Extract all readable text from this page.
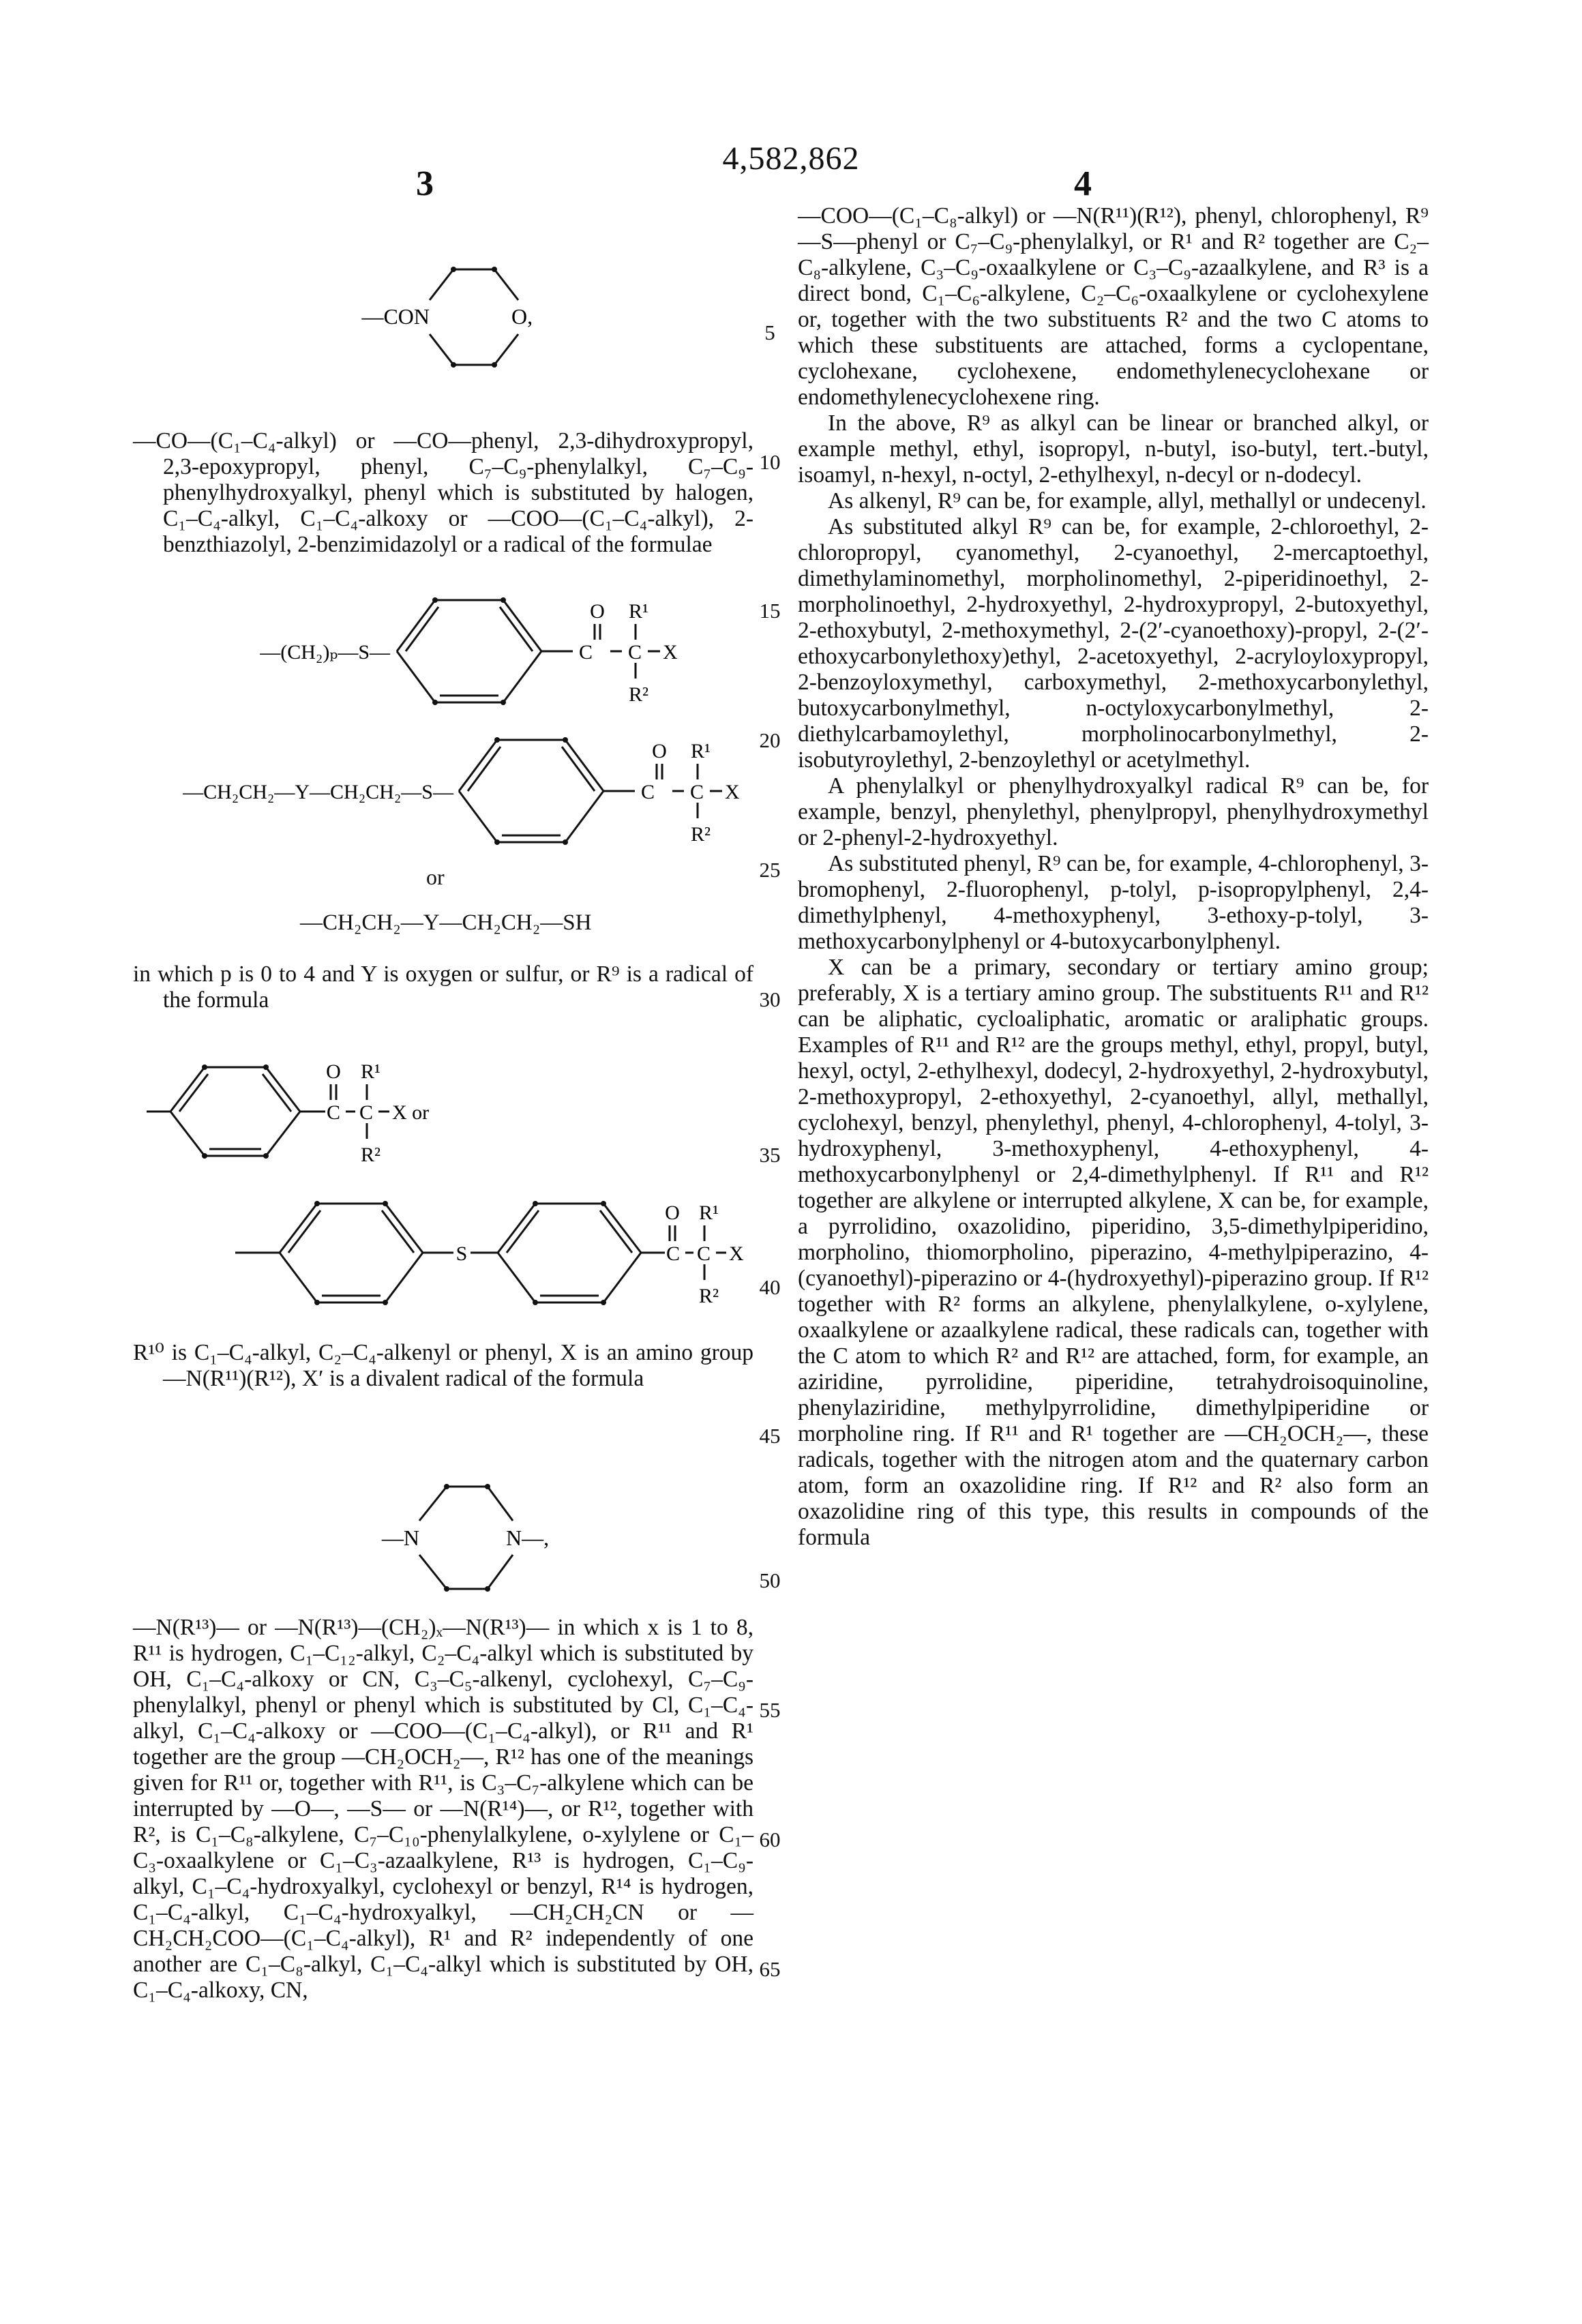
4,582,862
3	4
—CON	O,

—CO—(C₁–C₄-alkyl) or —CO—phenyl, 2,3-dihydroxypropyl, 2,3-epoxypropyl, phenyl, C₇–C₉-phenylalkyl, C₇–C₉-phenylhydroxyalkyl, phenyl which is substituted by halogen, C₁–C₄-alkyl, C₁–C₄-alkoxy or —COO—(C₁–C₄-alkyl), 2-benzthiazolyl, 2-benzimidazolyl or a radical of the formulae

—(CH₂)ₚ—S—
O R¹
C C X
R²
—CH₂CH₂—Y—CH₂CH₂—S—
O R¹
C C X
R²
or
—CH₂CH₂—Y—CH₂CH₂—SH

in which p is 0 to 4 and Y is oxygen or sulfur, or R⁹ is a radical of the formula

O R¹
C C X or
R²
S
O R¹
C C X
R²

R¹⁰ is C₁–C₄-alkyl, C₂–C₄-alkenyl or phenyl, X is an amino group —N(R¹¹)(R¹²), X′ is a divalent radical of the formula

—N	N—,

—N(R¹³)— or —N(R¹³)—(CH₂)ₓ—N(R¹³)— in which x is 1 to 8, R¹¹ is hydrogen, C₁–C₁₂-alkyl, C₂–C₄-alkyl which is substituted by OH, C₁–C₄-alkoxy or CN, C₃–C₅-alkenyl, cyclohexyl, C₇–C₉-phenylalkyl, phenyl or phenyl which is substituted by Cl, C₁–C₄-alkyl, C₁–C₄-alkoxy or —COO—(C₁–C₄-alkyl), or R¹¹ and R¹ together are the group —CH₂OCH₂—, R¹² has one of the meanings given for R¹¹ or, together with R¹¹, is C₃–C₇-alkylene which can be interrupted by —O—, —S— or —N(R¹⁴)—, or R¹², together with R², is C₁–C₈-alkylene, C₇–C₁₀-phenylalkylene, o-xylylene or C₁–C₃-oxaalkylene or C₁–C₃-azaalkylene, R¹³ is hydrogen, C₁–C₉-alkyl, C₁–C₄-hydroxyalkyl, cyclohexyl or benzyl, R¹⁴ is hydrogen, C₁–C₄-alkyl, C₁–C₄-hydroxyalkyl, —CH₂CH₂CN or —CH₂CH₂COO—(C₁–C₄-alkyl), R¹ and R² independently of one another are C₁–C₈-alkyl, C₁–C₄-alkyl which is substituted by OH, C₁–C₄-alkoxy, CN,

—COO—(C₁–C₈-alkyl) or —N(R¹¹)(R¹²), phenyl, chlorophenyl, R⁹—S—phenyl or C₇–C₉-phenylalkyl, or R¹ and R² together are C₂–C₈-alkylene, C₃–C₉-oxaalkylene or C₃–C₉-azaalkylene, and R³ is a direct bond, C₁–C₆-alkylene, C₂–C₆-oxaalkylene or cyclohexylene or, together with the two substituents R² and the two C atoms to which these substituents are attached, forms a cyclopentane, cyclohexane, cyclohexene, endomethylenecyclohexane or endomethylenecyclohexene ring.

In the above, R⁹ as alkyl can be linear or branched alkyl, or example methyl, ethyl, isopropyl, n-butyl, iso-butyl, tert.-butyl, isoamyl, n-hexyl, n-octyl, 2-ethylhexyl, n-decyl or n-dodecyl.

As alkenyl, R⁹ can be, for example, allyl, methallyl or undecenyl.

As substituted alkyl R⁹ can be, for example, 2-chloroethyl, 2-chloropropyl, cyanomethyl, 2-cyanoethyl, 2-mercaptoethyl, dimethylaminomethyl, morpholinomethyl, 2-piperidinoethyl, 2-morpholinoethyl, 2-hydroxyethyl, 2-hydroxypropyl, 2-butoxyethyl, 2-ethoxybutyl, 2-methoxymethyl, 2-(2′-cyanoethoxy)-propyl, 2-(2′-ethoxycarbonylethoxy)ethyl, 2-acetoxyethyl, 2-acryloyloxypropyl, 2-benzoyloxymethyl, carboxymethyl, 2-methoxycarbonylethyl, butoxycarbonylmethyl, n-octyloxycarbonylmethyl, 2-diethylcarbamoylethyl, morpholinocarbonylmethyl, 2-isobutyroylethyl, 2-benzoylethyl or acetylmethyl.

A phenylalkyl or phenylhydroxyalkyl radical R⁹ can be, for example, benzyl, phenylethyl, phenylpropyl, phenylhydroxymethyl or 2-phenyl-2-hydroxyethyl.

As substituted phenyl, R⁹ can be, for example, 4-chlorophenyl, 3-bromophenyl, 2-fluorophenyl, p-tolyl, p-isopropylphenyl, 2,4-dimethylphenyl, 4-methoxyphenyl, 3-ethoxy-p-tolyl, 3-methoxycarbonylphenyl or 4-butoxycarbonylphenyl.

X can be a primary, secondary or tertiary amino group; preferably, X is a tertiary amino group. The substituents R¹¹ and R¹² can be aliphatic, cycloaliphatic, aromatic or araliphatic groups. Examples of R¹¹ and R¹² are the groups methyl, ethyl, propyl, butyl, hexyl, octyl, 2-ethylhexyl, dodecyl, 2-hydroxyethyl, 2-hydroxybutyl, 2-methoxypropyl, 2-ethoxyethyl, 2-cyanoethyl, allyl, methallyl, cyclohexyl, benzyl, phenylethyl, phenyl, 4-chlorophenyl, 4-tolyl, 3-hydroxyphenyl, 3-methoxyphenyl, 4-ethoxyphenyl, 4-methoxycarbonylphenyl or 2,4-dimethylphenyl. If R¹¹ and R¹² together are alkylene or interrupted alkylene, X can be, for example, a pyrrolidino, oxazolidino, piperidino, 3,5-dimethylpiperidino, morpholino, thiomorpholino, piperazino, 4-methylpiperazino, 4-(cyanoethyl)-piperazino or 4-(hydroxyethyl)-piperazino group. If R¹² together with R² forms an alkylene, phenylalkylene, o-xylylene, oxaalkylene or azaalkylene radical, these radicals can, together with the C atom to which R² and R¹² are attached, form, for example, an aziridine, pyrrolidine, piperidine, tetrahydroisoquinoline, phenylaziridine, methylpyrrolidine, dimethylpiperidine or morpholine ring. If R¹¹ and R¹ together are —CH₂OCH₂—, these radicals, together with the nitrogen atom and the quaternary carbon atom, form an oxazolidine ring. If R¹² and R² also form an oxazolidine ring of this type, this results in compounds of the formula

5
10
15
20
25
30
35
40
45
50
55
60
65
